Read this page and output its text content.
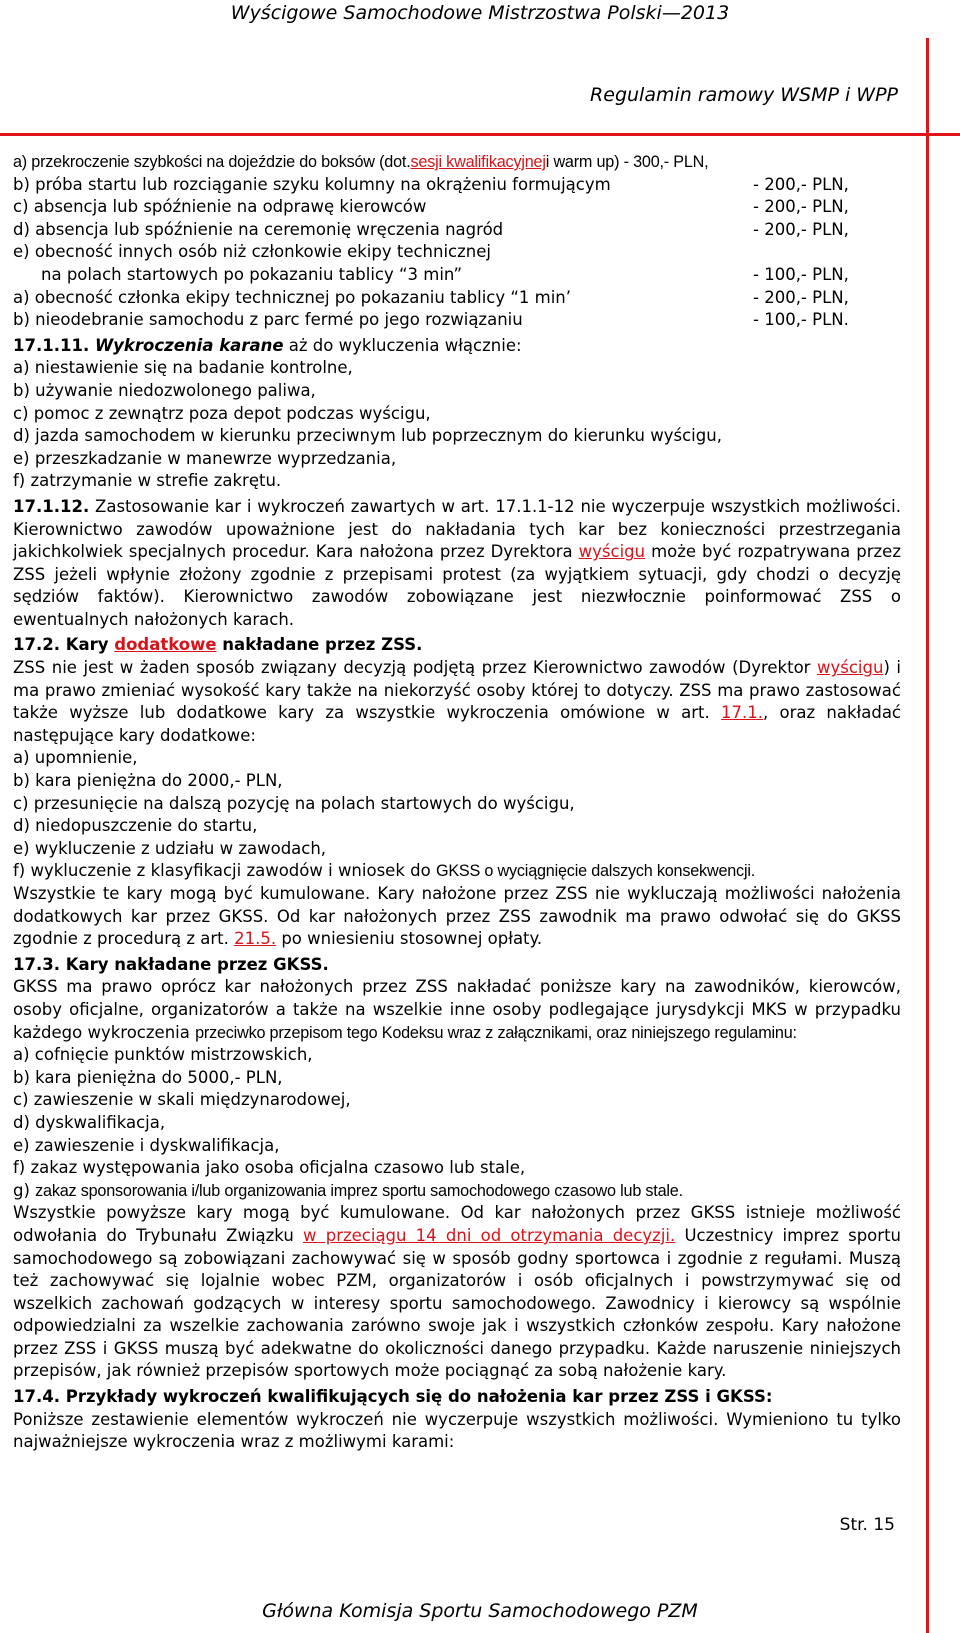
Wyścigowe Samochodowe Mistrzostwa Polski—2013
Regulamin ramowy WSMP i WPP
a) przekroczenie szybkości na dojeździe do boksów (dot. sesji kwalifikacyjnej i warm up) - 300,- PLN,
b) próba startu lub rozciąganie szyku kolumny na okrążeniu formującym	- 200,- PLN,
c) absencja lub spóźnienie na odprawę kierowców	- 200,- PLN,
d) absencja lub spóźnienie na ceremonię wręczenia nagród	- 200,- PLN,
e) obecność innych osób niż członkowie ekipy technicznej
na polach startowych po pokazaniu tablicy “3 min”	- 100,- PLN,
a) obecność członka ekipy technicznej po pokazaniu tablicy “1 min’	- 200,- PLN,
b) nieodebranie samochodu z parc fermé po jego rozwiązaniu	- 100,- PLN.
17.1.11. Wykroczenia karane aż do wykluczenia włącznie:
a) niestawienie się na badanie kontrolne,
b) używanie niedozwolonego paliwa,
c) pomoc z zewnątrz poza depot podczas wyścigu,
d) jazda samochodem w kierunku przeciwnym lub poprzecznym do kierunku wyścigu,
e) przeszkadzanie w manewrze wyprzedzania,
f) zatrzymanie w strefie zakrętu.
17.1.12. Zastosowanie kar i wykroczeń zawartych w art. 17.1.1-12 nie wyczerpuje wszystkich możliwości. Kierownictwo zawodów upoważnione jest do nakładania tych kar bez konieczności przestrzegania jakichkolwiek specjalnych procedur. Kara nałożona przez Dyrektora wyścigu może być rozpatrywana przez ZSS jeżeli wpłynie złożony zgodnie z przepisami protest (za wyjątkiem sytuacji, gdy chodzi o decyzję sędziów faktów). Kierownictwo zawodów zobowiązane jest niezwłocznie poinformować ZSS o ewentualnych nałożonych karach.
17.2. Kary dodatkowe nakładane przez ZSS.
ZSS nie jest w żaden sposób związany decyzją podjętą przez Kierownictwo zawodów (Dyrektor wyścigu) i ma prawo zmieniać wysokość kary także na niekorzyść osoby której to dotyczy. ZSS ma prawo zastosować także wyższe lub dodatkowe kary za wszystkie wykroczenia omówione w art. 17.1., oraz nakładać następujące kary dodatkowe:
a) upomnienie,
b) kara pieniężna do 2000,- PLN,
c) przesunięcie na dalszą pozycję na polach startowych do wyścigu,
d) niedopuszczenie do startu,
e) wykluczenie z udziału w zawodach,
f) wykluczenie z klasyfikacji zawodów i wniosek do GKSS o wyciągnięcie dalszych konsekwencji.
Wszystkie te kary mogą być kumulowane. Kary nałożone przez ZSS nie wykluczają możliwości nałożenia dodatkowych kar przez GKSS. Od kar nałożonych przez ZSS zawodnik ma prawo odwołać się do GKSS zgodnie z procedurą z art. 21.5. po wniesieniu stosownej opłaty.
17.3. Kary nakładane przez GKSS.
GKSS ma prawo oprócz kar nałożonych przez ZSS nakładać poniższe kary na zawodników, kierowców, osoby oficjalne, organizatorów a także na wszelkie inne osoby podlegające jurysdykcji MKS w przypadku każdego wykroczenia przeciwko przepisom tego Kodeksu wraz z załącznikami, oraz niniejszego regulaminu:
a) cofnięcie punktów mistrzowskich,
b) kara pieniężna do 5000,- PLN,
c) zawieszenie w skali międzynarodowej,
d) dyskwalifikacja,
e) zawieszenie i dyskwalifikacja,
f) zakaz występowania jako osoba oficjalna czasowo lub stale,
g) zakaz sponsorowania i/lub organizowania imprez sportu samochodowego czasowo lub stale.
Wszystkie powyższe kary mogą być kumulowane. Od kar nałożonych przez GKSS istnieje możliwość odwołania do Trybunału Związku w przeciągu 14 dni od otrzymania decyzji. Uczestnicy imprez sportu samochodowego są zobowiązani zachowywać się w sposób godny sportowca i zgodnie z regułami. Muszą też zachowywać się lojalnie wobec PZM, organizatorów i osób oficjalnych i powstrzymywać się od wszelkich zachowań godzących w interesy sportu samochodowego. Zawodnicy i kierowcy są wspólnie odpowiedzialni za wszelkie zachowania zarówno swoje jak i wszystkich członków zespołu. Kary nałożone przez ZSS i GKSS muszą być adekwatne do okoliczności danego przypadku. Każde naruszenie niniejszych przepisów, jak również przepisów sportowych może pociągnąć za sobą nałożenie kary.
17.4. Przykłady wykroczeń kwalifikujących się do nałożenia kar przez ZSS i GKSS:
Poniższe zestawienie elementów wykroczeń nie wyczerpuje wszystkich możliwości. Wymieniono tu tylko najważniejsze wykroczenia wraz z możliwymi karami:
Str. 15
Główna Komisja Sportu Samochodowego PZM
